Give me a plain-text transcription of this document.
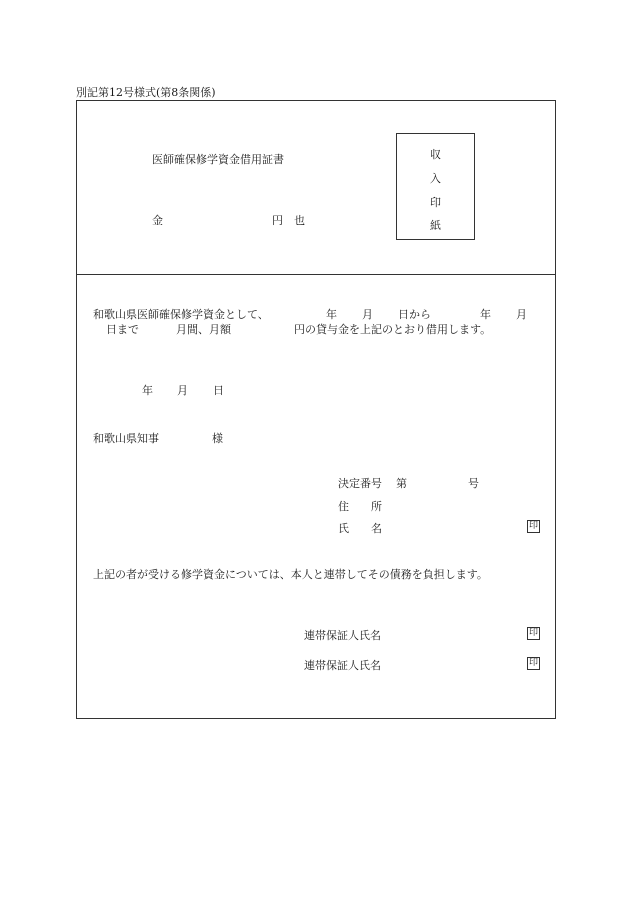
別記第12号様式(第8条関係)
医師確保修学資金借用証書
金	円 也
収
入
印
紙
和歌山県医師確保修学資金として、	年 月 日から	年 月
日まで	月間、月額	円の貸与金を上記のとおり借用します。
年 月 日
和歌山県知事	様
決定番号 第	号
住　　所
氏　　名	印
上記の者が受ける修学資金については、本人と連帯してその債務を負担します。
連帯保証人氏名	印
連帯保証人氏名	印
